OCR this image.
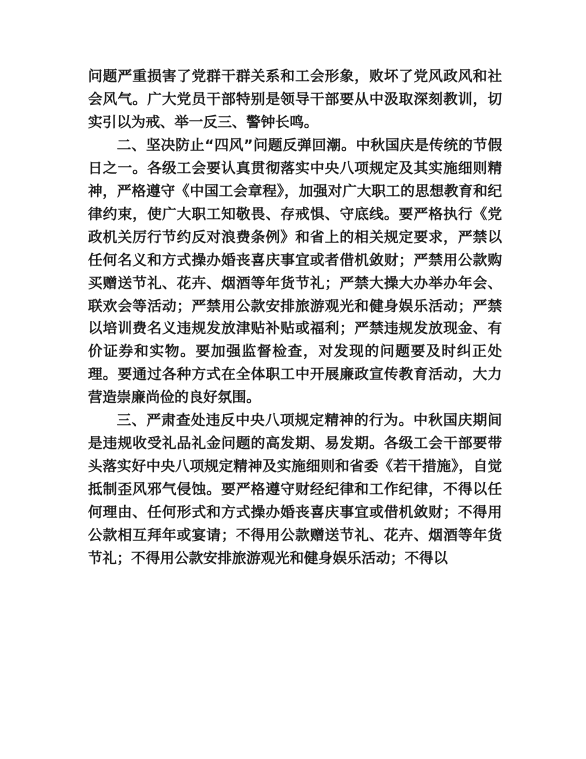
问题严重损害了党群干群关系和工会形象，败坏了党风政风和社会风气。广大党员干部特别是领导干部要从中汲取深刻教训，切实引以为戒、举一反三、警钟长鸣。

二、坚决防止“四风”问题反弹回潮。中秋国庆是传统的节假日之一。各级工会要认真贯彻落实中央八项规定及其实施细则精神，严格遵守《中国工会章程》，加强对广大职工的思想教育和纪律约束，使广大职工知敬畏、存戒惧、守底线。要严格执行《党政机关厉行节约反对浪费条例》和省上的相关规定要求，严禁以任何名义和方式操办婚丧喜庆事宜或者借机敛财；严禁用公款购买赠送节礼、花卉、烟酒等年货节礼；严禁大操大办举办年会、联欢会等活动；严禁用公款安排旅游观光和健身娱乐活动；严禁以培训费名义违规发放津贴补贴或福利；严禁违规发放现金、有价证券和实物。要加强监督检查，对发现的问题要及时纠正处理。要通过各种方式在全体职工中开展廉政宣传教育活动，大力营造崇廉尚俭的良好氛围。

三、严肃查处违反中央八项规定精神的行为。中秋国庆期间是违规收受礼品礼金问题的高发期、易发期。各级工会干部要带头落实好中央八项规定精神及实施细则和省委《若干措施》，自觉抵制歪风邪气侵蚀。要严格遵守财经纪律和工作纪律，不得以任何理由、任何形式和方式操办婚丧喜庆事宜或借机敛财；不得用公款相互拜年或宴请；不得用公款赠送节礼、花卉、烟酒等年货节礼；不得用公款安排旅游观光和健身娱乐活动；不得以
